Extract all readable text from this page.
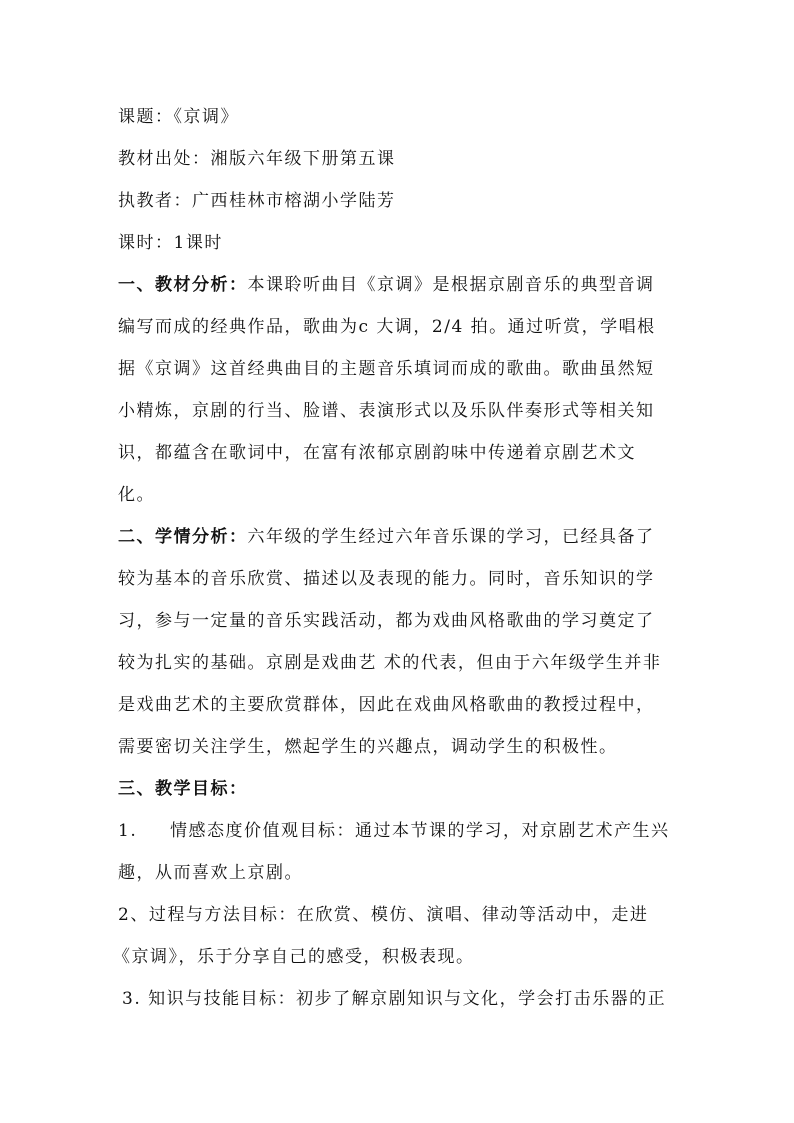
课题：《京调》

教材出处：湘版六年级下册第五课

执教者：广西桂林市榕湖小学陆芳

课时：1课时

一、教材分析：本课聆听曲目《京调》是根据京剧音乐的典型音调

编写而成的经典作品，歌曲为c 大调，2/4 拍。通过听赏，学唱根

据《京调》这首经典曲目的主题音乐填词而成的歌曲。歌曲虽然短

小精炼，京剧的行当、脸谱、表演形式以及乐队伴奏形式等相关知

识，都蕴含在歌词中，在富有浓郁京剧韵味中传递着京剧艺术文

化。

二、学情分析：六年级的学生经过六年音乐课的学习，已经具备了

较为基本的音乐欣赏、描述以及表现的能力。同时，音乐知识的学

习，参与一定量的音乐实践活动，都为戏曲风格歌曲的学习奠定了

较为扎实的基础。京剧是戏曲艺 术的代表，但由于六年级学生并非

是戏曲艺术的主要欣赏群体，因此在戏曲风格歌曲的教授过程中，

需要密切关注学生，燃起学生的兴趣点，调动学生的积极性。

三、教学目标：

1. 情感态度价值观目标：通过本节课的学习，对京剧艺术产生兴

趣，从而喜欢上京剧。

2、过程与方法目标：在欣赏、模仿、演唱、律动等活动中，走进

《京调》，乐于分享自己的感受，积极表现。

3. 知识与技能目标：初步了解京剧知识与文化，学会打击乐器的正
